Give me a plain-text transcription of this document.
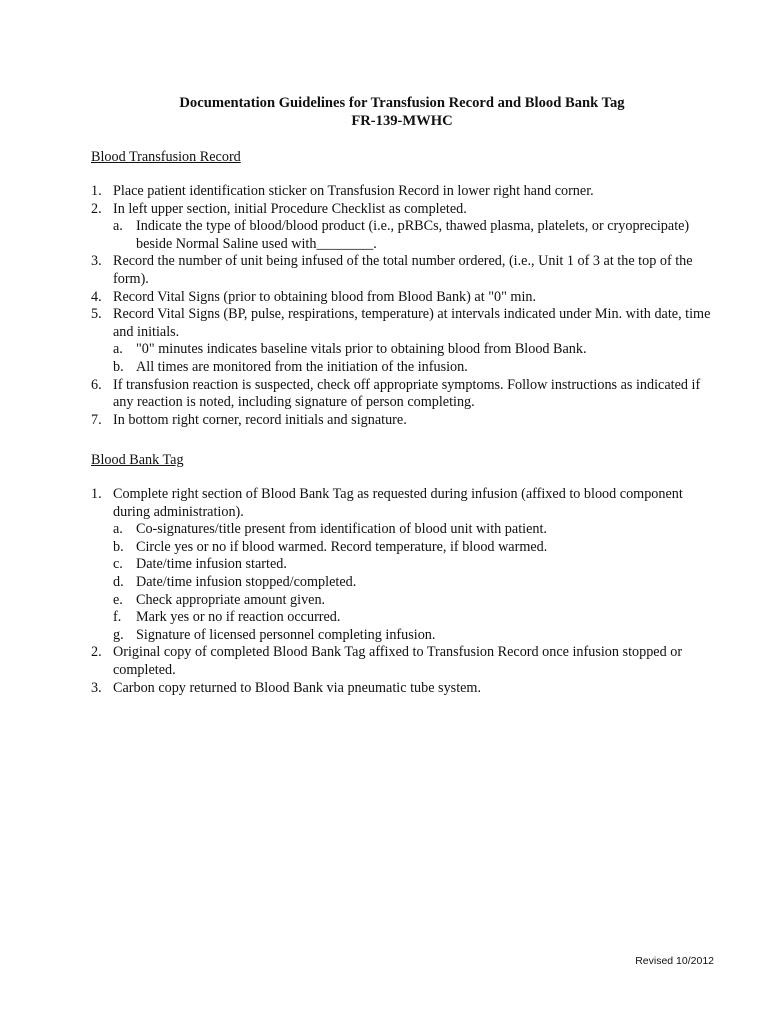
Documentation Guidelines for Transfusion Record and Blood Bank Tag
FR-139-MWHC
Blood Transfusion Record
1. Place patient identification sticker on Transfusion Record in lower right hand corner.
2. In left upper section, initial Procedure Checklist as completed.
a. Indicate the type of blood/blood product (i.e., pRBCs, thawed plasma, platelets, or cryoprecipate) beside Normal Saline used with________.
3. Record the number of unit being infused of the total number ordered, (i.e., Unit 1 of 3 at the top of the form).
4. Record Vital Signs (prior to obtaining blood from Blood Bank) at "0" min.
5. Record Vital Signs (BP, pulse, respirations, temperature) at intervals indicated under Min. with date, time and initials.
a. "0" minutes indicates baseline vitals prior to obtaining blood from Blood Bank.
b. All times are monitored from the initiation of the infusion.
6. If transfusion reaction is suspected, check off appropriate symptoms. Follow instructions as indicated if any reaction is noted, including signature of person completing.
7. In bottom right corner, record initials and signature.
Blood Bank Tag
1. Complete right section of Blood Bank Tag as requested during infusion (affixed to blood component during administration).
a. Co-signatures/title present from identification of blood unit with patient.
b. Circle yes or no if blood warmed. Record temperature, if blood warmed.
c. Date/time infusion started.
d. Date/time infusion stopped/completed.
e. Check appropriate amount given.
f. Mark yes or no if reaction occurred.
g. Signature of licensed personnel completing infusion.
2. Original copy of completed Blood Bank Tag affixed to Transfusion Record once infusion stopped or completed.
3. Carbon copy returned to Blood Bank via pneumatic tube system.
Revised 10/2012
